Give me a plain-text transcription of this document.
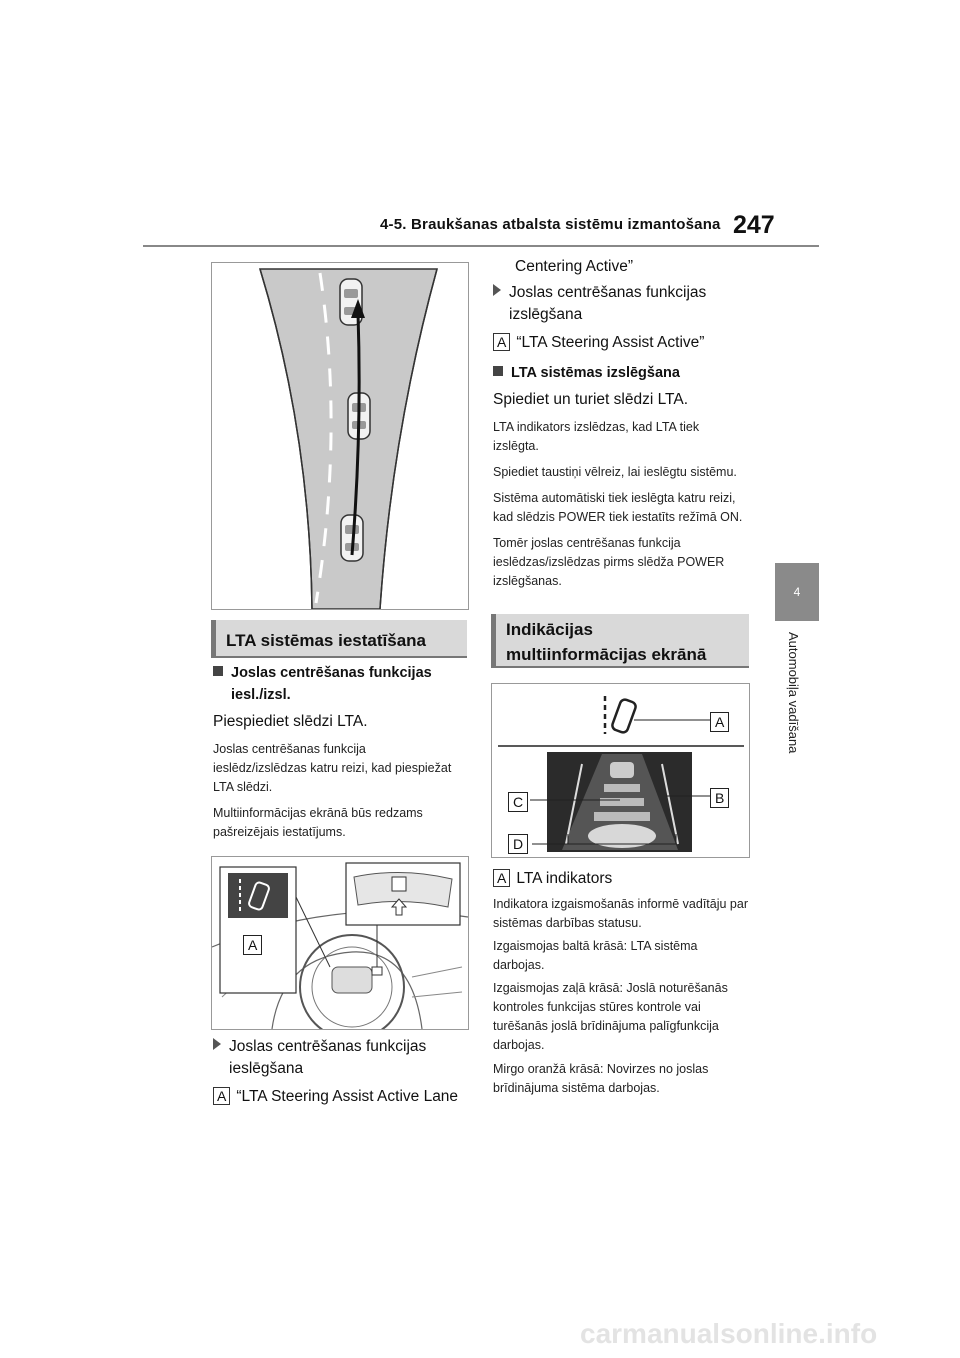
4-5. Braukšanas atbalsta sistēmu izmantošana 247
4
Automobiļa vadīšana
LTA sistēmas iestatīšana
Joslas centrēšanas funkcijas
iesl./izsl.
Piespiediet slēdzi LTA.
Joslas centrēšanas funkcija
ieslēdz/izslēdzas katru reizi, kad piespiežat
LTA slēdzi.
Multiinformācijas ekrānā būs redzams
pašreizējais iestatījums.
A
Joslas centrēšanas funkcijas
ieslēgšana
A “LTA Steering Assist Active Lane
Centering Active”
Joslas centrēšanas funkcijas
izslēgšana
A “LTA Steering Assist Active”
LTA sistēmas izslēgšana
Spiediet un turiet slēdzi LTA.
LTA indikators izslēdzas, kad LTA tiek
izslēgta.
Spiediet taustiņi vēlreiz, lai ieslēgtu sistēmu.
Sistēma automātiski tiek ieslēgta katru reizi,
kad slēdzis POWER tiek iestatīts režīmā ON.
Tomēr joslas centrēšanas funkcija
ieslēdzas/izslēdzas pirms slēdža POWER
izslēgšanas.
Indikācijas
multiinformācijas ekrānā
A
B
C
D
A LTA indikators
Indikatora izgaismošanās informē vadītāju par
sistēmas darbības statusu.
Izgaismojas baltā krāsā: LTA sistēma
darbojas.
Izgaismojas zaļā krāsā: Joslā noturēšanās
kontroles funkcijas stūres kontrole vai
turēšanās joslā brīdinājuma palīgfunkcija
darbojas.
Mirgo oranžā krāsā: Novirzes no joslas
brīdinājuma sistēma darbojas.
carmanualsonline.info
